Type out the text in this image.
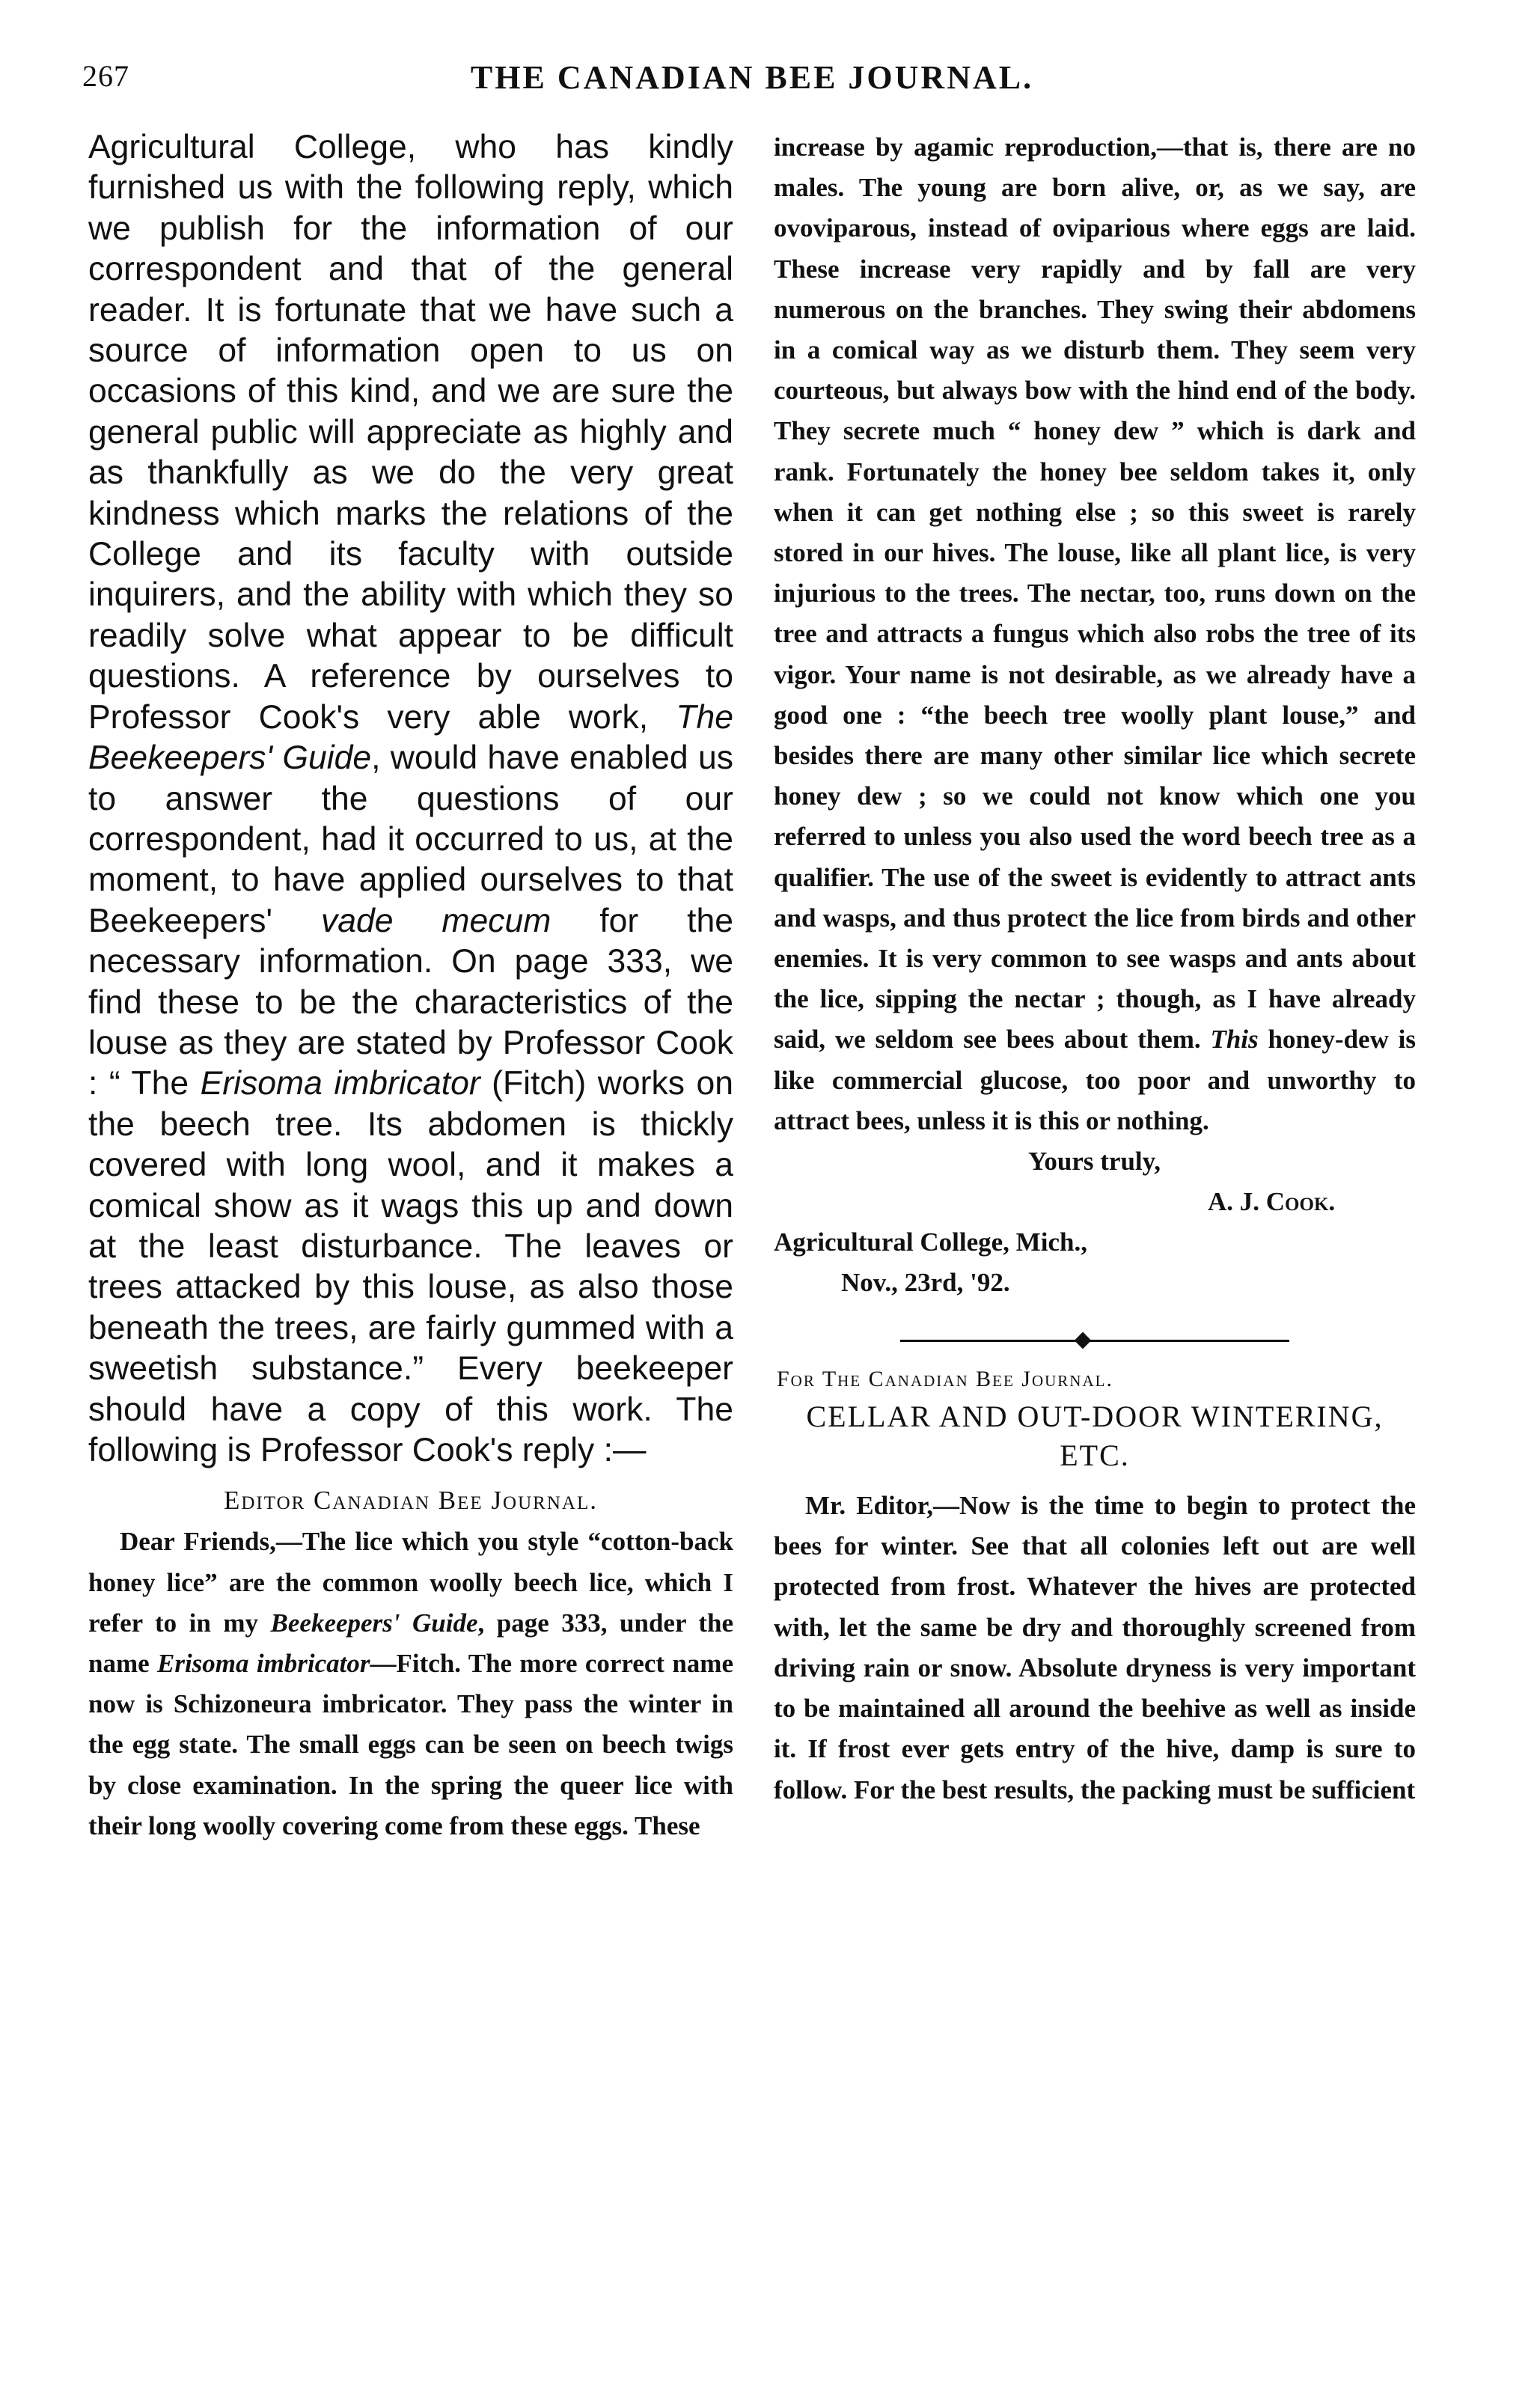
267	THE CANADIAN BEE JOURNAL.

Agricultural College, who has kindly furnished us with the following reply, which we publish for the information of our correspondent and that of the general reader. It is fortunate that we have such a source of information open to us on occasions of this kind, and we are sure the general public will appreciate as highly and as thankfully as we do the very great kindness which marks the relations of the College and its faculty with outside inquirers, and the ability with which they so readily solve what appear to be difficult questions. A reference by ourselves to Professor Cook's very able work, The Beekeepers' Guide, would have enabled us to answer the questions of our correspondent, had it occurred to us, at the moment, to have applied ourselves to that Beekeepers' vade mecum for the necessary information. On page 333, we find these to be the characteristics of the louse as they are stated by Professor Cook : “ The Erisoma imbricator (Fitch) works on the beech tree. Its abdomen is thickly covered with long wool, and it makes a comical show as it wags this up and down at the least disturbance. The leaves or trees attacked by this louse, as also those beneath the trees, are fairly gummed with a sweetish substance.” Every beekeeper should have a copy of this work. The following is Professor Cook's reply :—

Editor Canadian Bee Journal.

Dear Friends,—The lice which you style “cotton-back honey lice” are the common woolly beech lice, which I refer to in my Beekeepers' Guide, page 333, under the name Erisoma imbricator—Fitch. The more correct name now is Schizoneura imbricator. They pass the winter in the egg state. The small eggs can be seen on beech twigs by close examination. In the spring the queer lice with their long woolly covering come from these eggs. These

increase by agamic reproduction,—that is, there are no males. The young are born alive, or, as we say, are ovoviparous, instead of oviparious where eggs are laid. These increase very rapidly and by fall are very numerous on the branches. They swing their abdomens in a comical way as we disturb them. They seem very courteous, but always bow with the hind end of the body. They secrete much “ honey dew ” which is dark and rank. Fortunately the honey bee seldom takes it, only when it can get nothing else ; so this sweet is rarely stored in our hives. The louse, like all plant lice, is very injurious to the trees. The nectar, too, runs down on the tree and attracts a fungus which also robs the tree of its vigor. Your name is not desirable, as we already have a good one : “the beech tree woolly plant louse,” and besides there are many other similar lice which secrete honey dew ; so we could not know which one you referred to unless you also used the word beech tree as a qualifier. The use of the sweet is evidently to attract ants and wasps, and thus protect the lice from birds and other enemies. It is very common to see wasps and ants about the lice, sipping the nectar ; though, as I have already said, we seldom see bees about them. This honey-dew is like commercial glucose, too poor and unworthy to attract bees, unless it is this or nothing.

Yours truly,
A. J. Cook.
Agricultural College, Mich.,
Nov., 23rd, '92.
For The Canadian Bee Journal.
CELLAR AND OUT-DOOR WINTERING, ETC.

Mr. Editor,—Now is the time to begin to protect the bees for winter. See that all colonies left out are well protected from frost. Whatever the hives are protected with, let the same be dry and thoroughly screened from driving rain or snow. Absolute dryness is very important to be maintained all around the beehive as well as inside it. If frost ever gets entry of the hive, damp is sure to follow. For the best results, the packing must be sufficient
